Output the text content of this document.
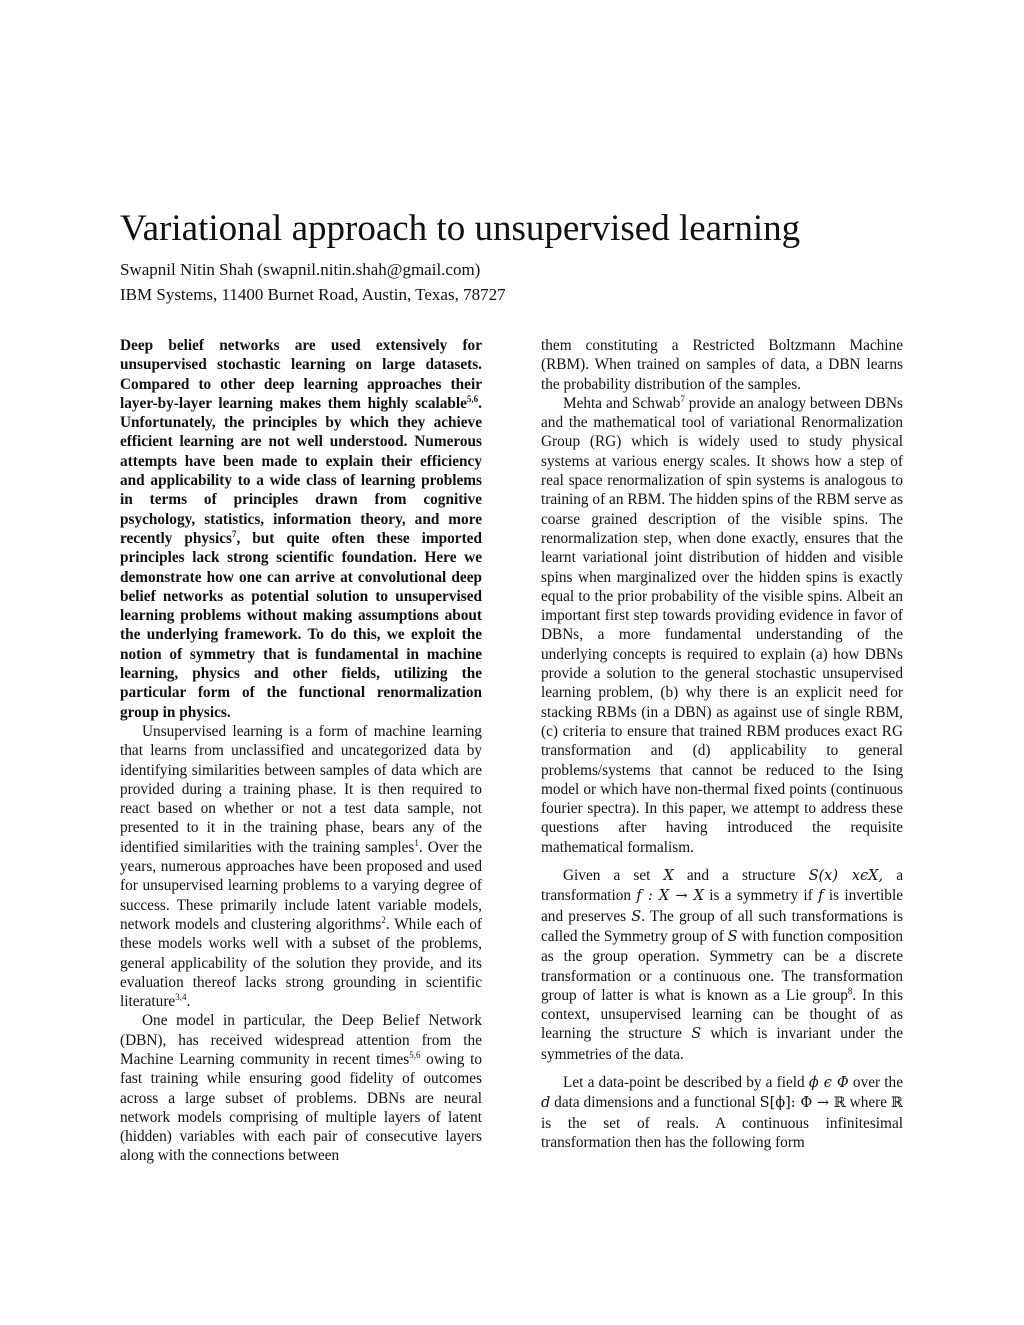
Variational approach to unsupervised learning
Swapnil Nitin Shah (swapnil.nitin.shah@gmail.com)
IBM Systems, 11400 Burnet Road, Austin, Texas, 78727

Deep belief networks are used extensively for unsupervised stochastic learning on large datasets. Compared to other deep learning approaches their layer-by-layer learning makes them highly scalable$^{5,6}$. Unfortunately, the principles by which they achieve efficient learning are not well understood. Numerous attempts have been made to explain their efficiency and applicability to a wide class of learning problems in terms of principles drawn from cognitive psychology, statistics, information theory, and more recently physics$^7$, but quite often these imported principles lack strong scientific foundation. Here we demonstrate how one can arrive at convolutional deep belief networks as potential solution to unsupervised learning problems without making assumptions about the underlying framework. To do this, we exploit the notion of symmetry that is fundamental in machine learning, physics and other fields, utilizing the particular form of the functional renormalization group in physics.

Unsupervised learning is a form of machine learning that learns from unclassified and uncategorized data by identifying similarities between samples of data which are provided during a training phase. It is then required to react based on whether or not a test data sample, not presented to it in the training phase, bears any of the identified similarities with the training samples$^1$. Over the years, numerous approaches have been proposed and used for unsupervised learning problems to a varying degree of success. These primarily include latent variable models, network models and clustering algorithms$^2$. While each of these models works well with a subset of the problems, general applicability of the solution they provide, and its evaluation thereof lacks strong grounding in scientific literature$^{3,4}$.

One model in particular, the Deep Belief Network (DBN), has received widespread attention from the Machine Learning community in recent times$^{5,6}$ owing to fast training while ensuring good fidelity of outcomes across a large subset of problems. DBNs are neural network models comprising of multiple layers of latent (hidden) variables with each pair of consecutive layers along with the connections between

them constituting a Restricted Boltzmann Machine (RBM). When trained on samples of data, a DBN learns the probability distribution of the samples.

Mehta and Schwab$^7$ provide an analogy between DBNs and the mathematical tool of variational Renormalization Group (RG) which is widely used to study physical systems at various energy scales. It shows how a step of real space renormalization of spin systems is analogous to training of an RBM. The hidden spins of the RBM serve as coarse grained description of the visible spins. The renormalization step, when done exactly, ensures that the learnt variational joint distribution of hidden and visible spins when marginalized over the hidden spins is exactly equal to the prior probability of the visible spins. Albeit an important first step towards providing evidence in favor of DBNs, a more fundamental understanding of the underlying concepts is required to explain (a) how DBNs provide a solution to the general stochastic unsupervised learning problem, (b) why there is an explicit need for stacking RBMs (in a DBN) as against use of single RBM, (c) criteria to ensure that trained RBM produces exact RG transformation and (d) applicability to general problems/systems that cannot be reduced to the Ising model or which have non-thermal fixed points (continuous fourier spectra). In this paper, we attempt to address these questions after having introduced the requisite mathematical formalism.

Given a set X and a structure S(x) xϵX, a transformation f : X → X is a symmetry if f is invertible and preserves S. The group of all such transformations is called the Symmetry group of S with function composition as the group operation. Symmetry can be a discrete transformation or a continuous one. The transformation group of latter is what is known as a Lie group$^8$. In this context, unsupervised learning can be thought of as learning the structure S which is invariant under the symmetries of the data.

Let a data-point be described by a field ϕ ϵ Φ over the d data dimensions and a functional S[ϕ]: Φ → ℝ where ℝ is the set of reals. A continuous infinitesimal transformation then has the following form
